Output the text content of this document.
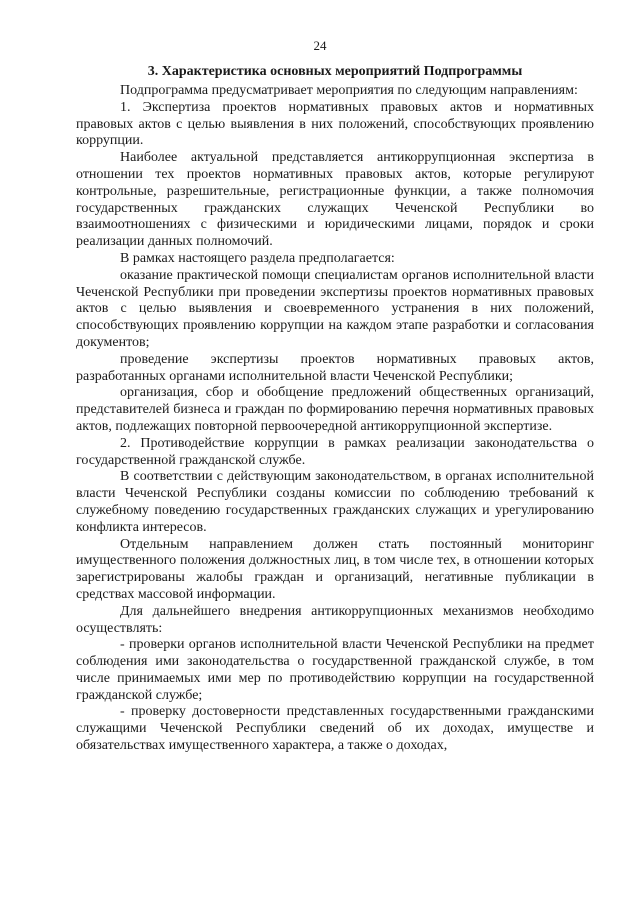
24
3. Характеристика основных мероприятий Подпрограммы

Подпрограмма предусматривает мероприятия по следующим направлениям:

1. Экспертиза проектов нормативных правовых актов и нормативных правовых актов с целью выявления в них положений, способствующих проявлению коррупции.

Наиболее актуальной представляется антикоррупционная экспертиза в отношении тех проектов нормативных правовых актов, которые регулируют контрольные, разрешительные, регистрационные функции, а также полномочия государственных гражданских служащих Чеченской Республики во взаимоотношениях с физическими и юридическими лицами, порядок и сроки реализации данных полномочий.

В рамках настоящего раздела предполагается:

оказание практической помощи специалистам органов исполнительной власти Чеченской Республики при проведении экспертизы проектов нормативных правовых актов с целью выявления и своевременного устранения в них положений, способствующих проявлению коррупции на каждом этапе разработки и согласования документов;

проведение экспертизы проектов нормативных правовых актов, разработанных органами исполнительной власти Чеченской Республики;

организация, сбор и обобщение предложений общественных организаций, представителей бизнеса и граждан по формированию перечня нормативных правовых актов, подлежащих повторной первоочередной антикоррупционной экспертизе.

2. Противодействие коррупции в рамках реализации законодательства о государственной гражданской службе.

В соответствии с действующим законодательством, в органах исполнительной власти Чеченской Республики созданы комиссии по соблюдению требований к служебному поведению государственных гражданских служащих и урегулированию конфликта интересов.

Отдельным направлением должен стать постоянный мониторинг имущественного положения должностных лиц, в том числе тех, в отношении которых зарегистрированы жалобы граждан и организаций, негативные публикации в средствах массовой информации.

Для дальнейшего внедрения антикоррупционных механизмов необходимо осуществлять:

- проверки органов исполнительной власти Чеченской Республики на предмет соблюдения ими законодательства о государственной гражданской службе, в том числе принимаемых ими мер по противодействию коррупции на государственной гражданской службе;

- проверку достоверности представленных государственными гражданскими служащими Чеченской Республики сведений об их доходах, имуществе и обязательствах имущественного характера, а также о доходах,
